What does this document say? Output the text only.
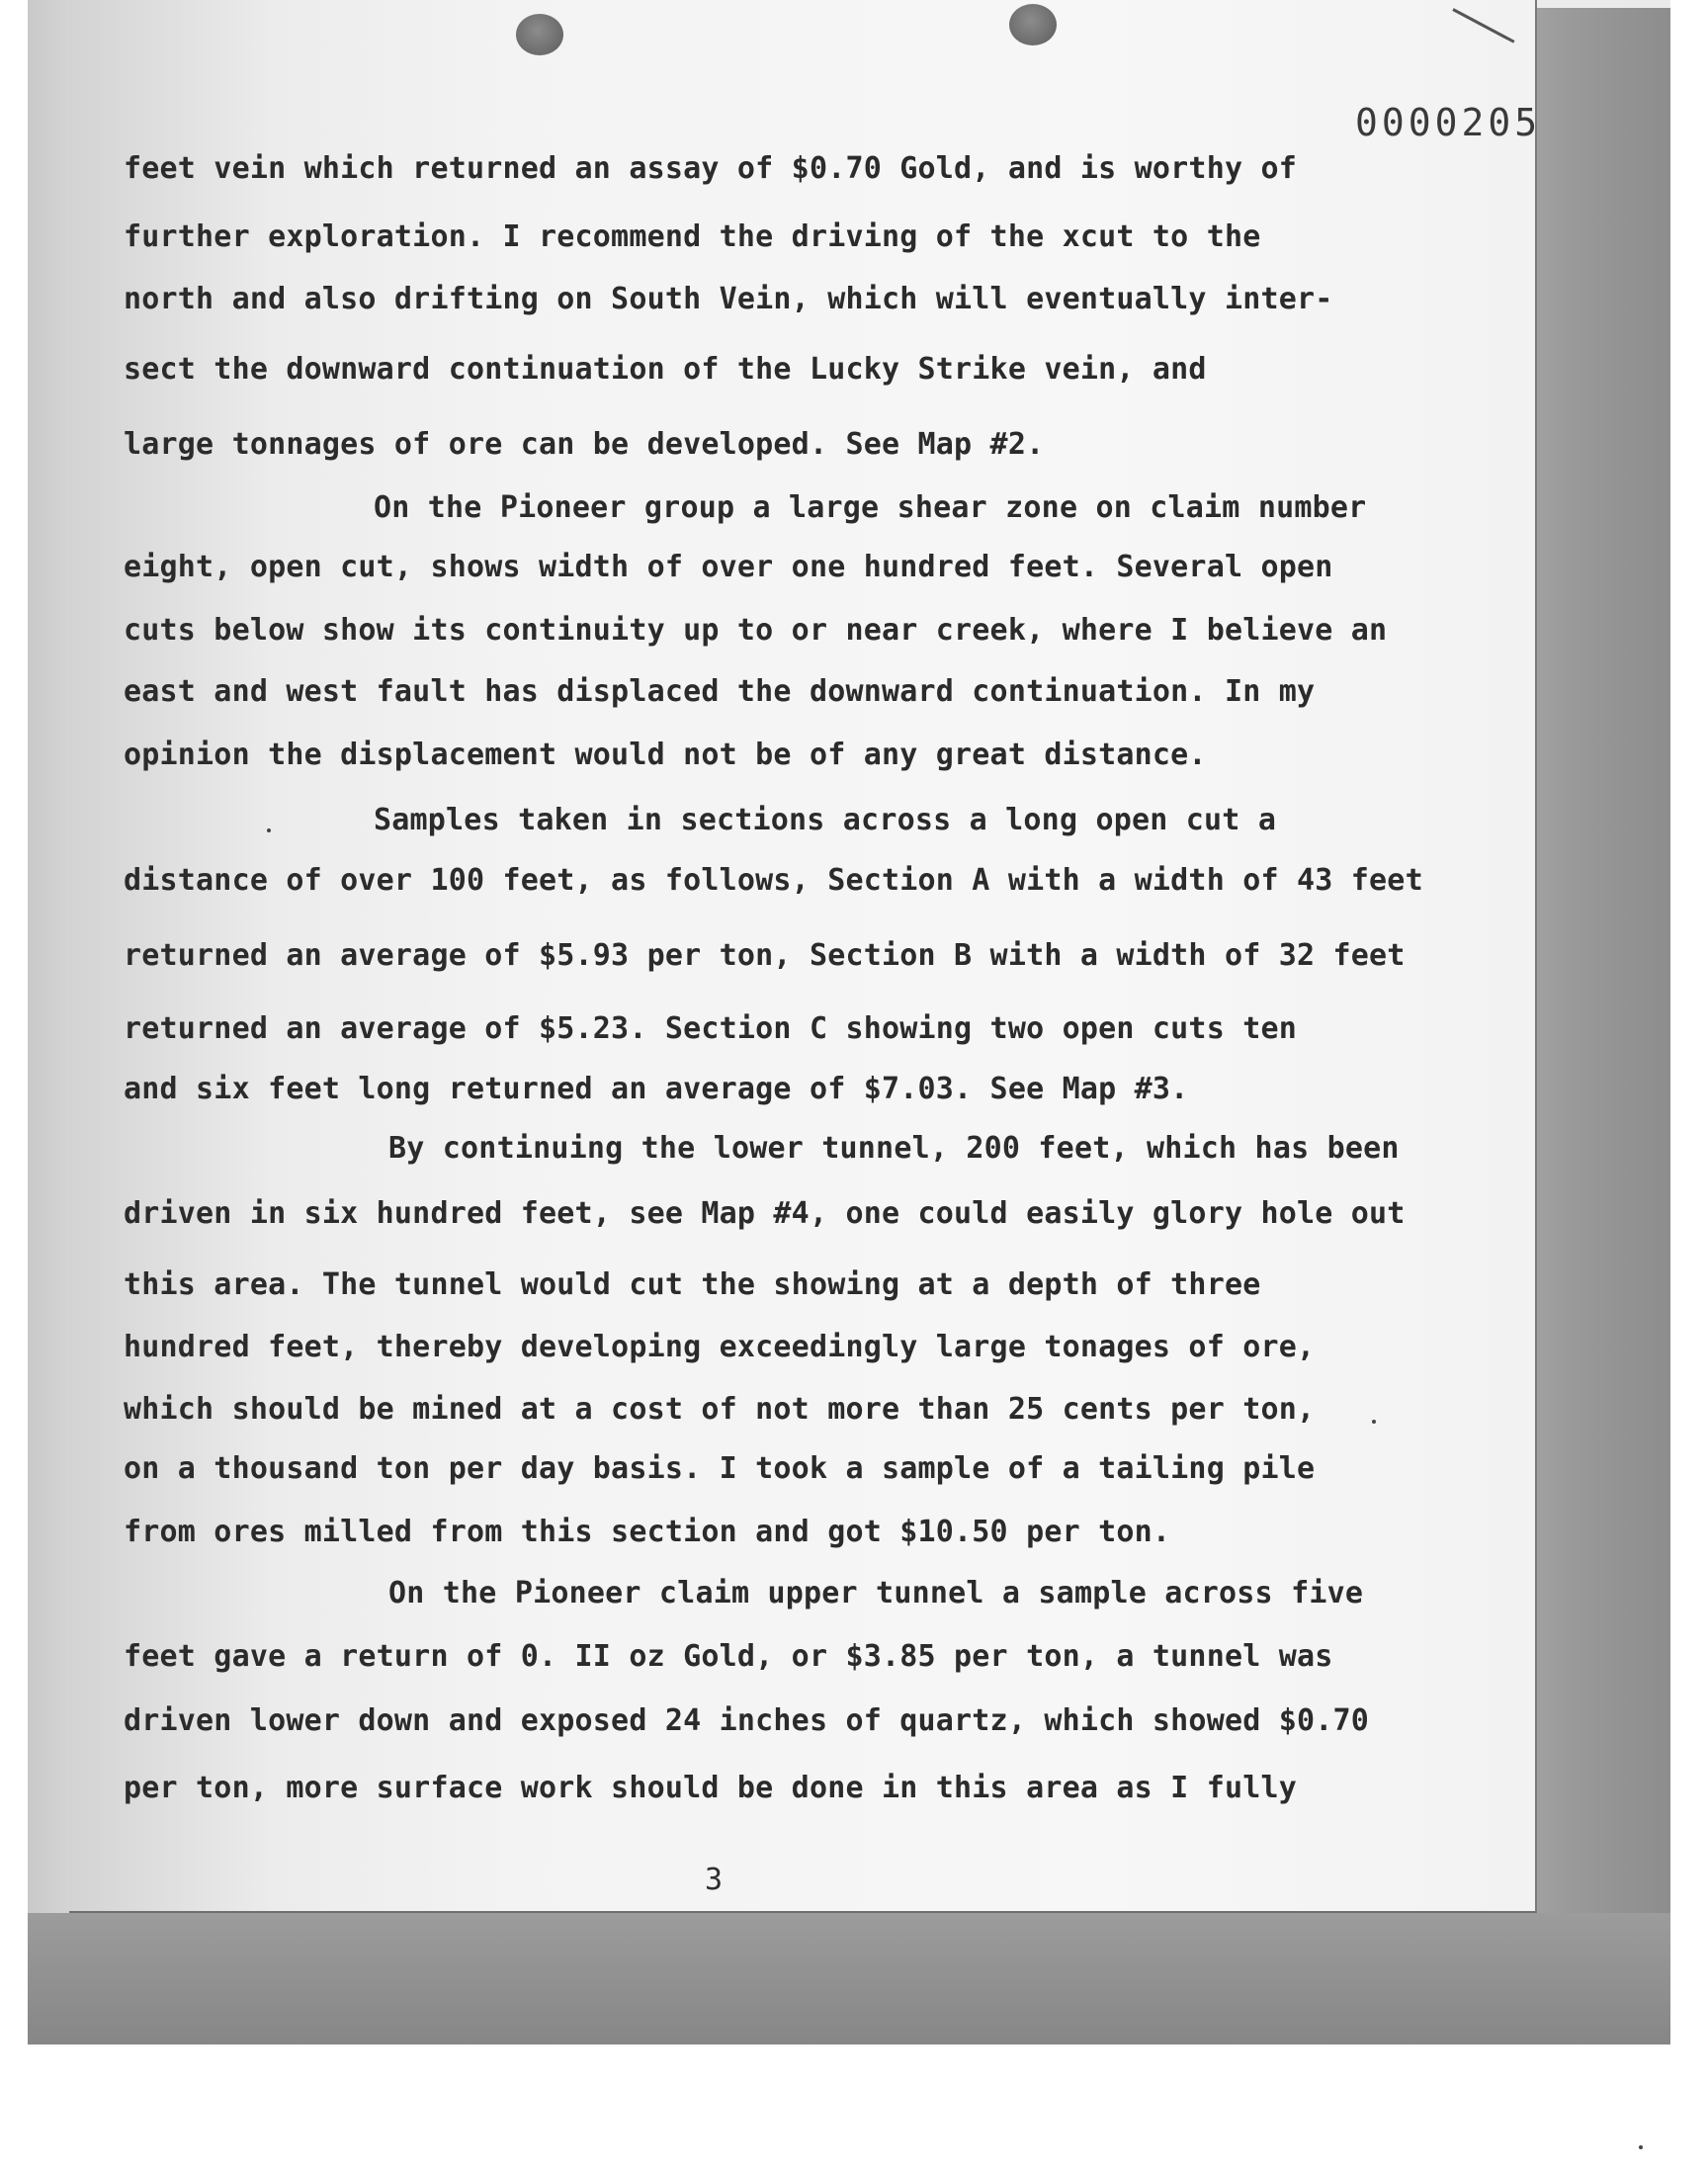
0000205
feet vein which returned an assay of $0.70 Gold, and is worthy of
further exploration. I recommend the driving of the xcut to the
north and also drifting on South Vein, which will eventually inter-
sect the downward continuation of the Lucky Strike vein, and
large tonnages of ore can be developed. See Map #2.
On the Pioneer group a large shear zone on claim number
eight, open cut, shows width of over one hundred feet. Several open
cuts below show its continuity up to or near creek, where I believe an
east and west fault has displaced the downward continuation. In my
opinion the displacement would not be of any great distance.
Samples taken in sections across a long open cut a
distance of over 100 feet, as follows, Section A with a width of 43 feet
returned an average of $5.93 per ton, Section B with a width of 32 feet
returned an average of $5.23. Section C showing two open cuts ten
and six feet long returned an average of $7.03. See Map #3.
By continuing the lower tunnel, 200 feet, which has been
driven in six hundred feet, see Map #4, one could easily glory hole out
this area. The tunnel would cut the showing at a depth of three
hundred feet, thereby developing exceedingly large tonages of ore,
which should be mined at a cost of not more than 25 cents per ton,
on a thousand ton per day basis. I took a sample of a tailing pile
from ores milled from this section and got $10.50 per ton.
On the Pioneer claim upper tunnel a sample across five
feet gave a return of 0. II oz Gold, or $3.85 per ton, a tunnel was
driven lower down and exposed 24 inches of quartz, which showed $0.70
per ton, more surface work should be done in this area as I fully
3
